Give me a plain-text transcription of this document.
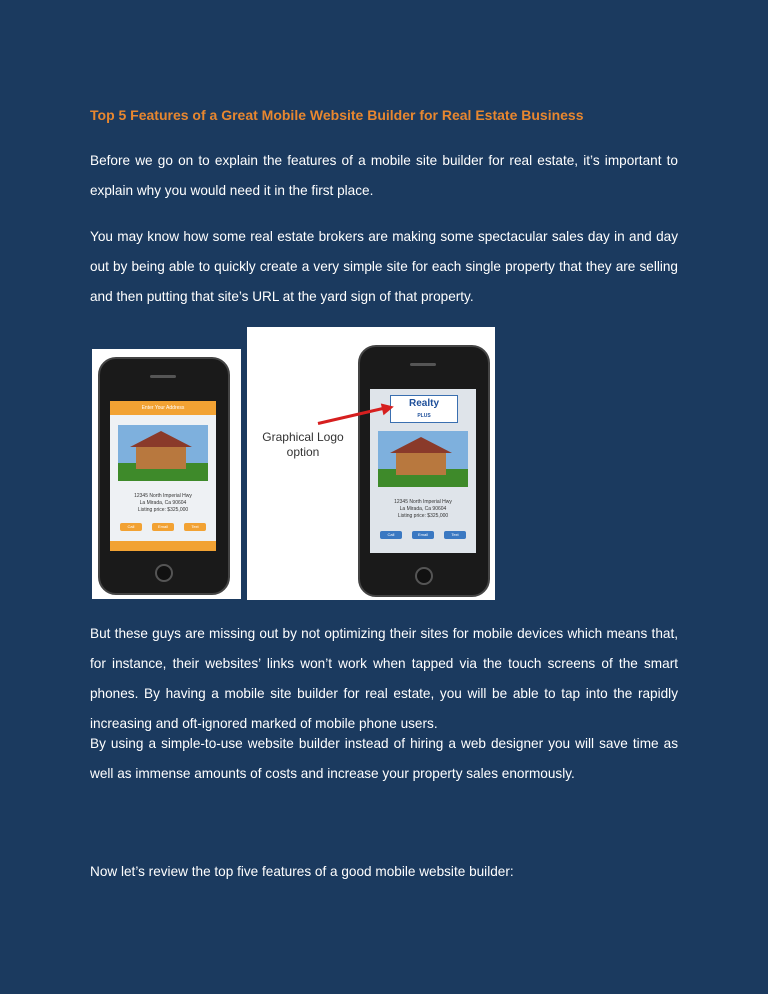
Top 5 Features of a Great Mobile Website Builder for Real Estate Business

Before we go on to explain the features of a mobile site builder for real estate, it’s important to explain why you would need it in the first place.

You may know how some real estate brokers are making some spectacular sales day in and day out by being able to quickly create a very simple site for each single property that they are selling and then putting that site’s URL at the yard sign of that property.

But these guys are missing out by not optimizing their sites for mobile devices which means that, for instance, their websites’ links won’t work when tapped via the touch screens of the smart phones. By having a mobile site builder for real estate, you will be able to tap into the rapidly increasing and oft-ignored marked of mobile phone users.

By using a simple-to-use website builder instead of hiring a web designer you will save time as well as immense amounts of costs and increase your property sales enormously.

Now let’s review the top five features of a good mobile website builder:

Enter Your Address
12345 North Imperial Hwy
La Mirada, Ca 90604
Listing price: $325,000
Call	Email	Text
Realty
PLUS
12345 North Imperial Hwy
La Mirada, Ca 90604
Listing price: $325,000
Call	Email	Text
Graphical Logo option
